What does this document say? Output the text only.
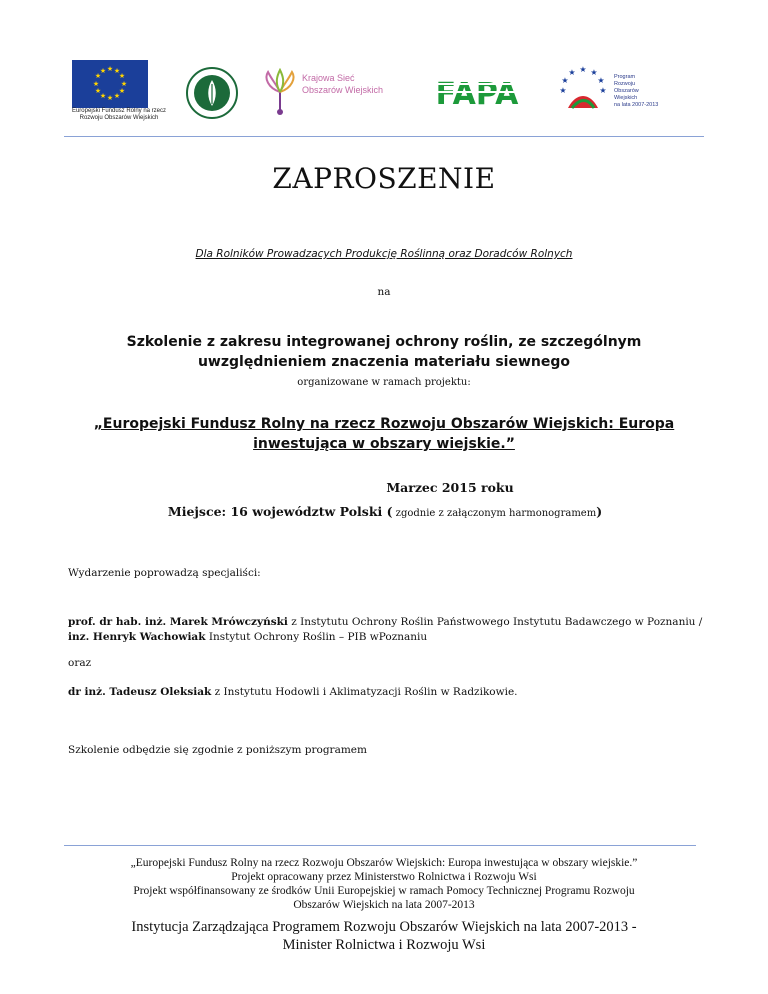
★ ★
★
★
★
★
★
★
★
★
★
★
Europejski Fundusz Rolny na rzecz
Rozwoju Obszarów Wiejskich
Krajowa Sieć
Obszarów Wiejskich FAPA
★ ★
★
★
★
★
★
Program
Rozwoju
Obszarów
Wiejskich
na lata 2007-2013
ZAPROSZENIE
Dla Rolników Prowadzacych Produkcję Roślinną oraz Doradców Rolnych
na
Szkolenie z zakresu integrowanej ochrony roślin, ze szczególnym uwzględnieniem znaczenia materiału siewnego
organizowane w ramach projektu:
„Europejski Fundusz Rolny na rzecz Rozwoju Obszarów Wiejskich: Europa inwestująca w obszary wiejskie.”
Marzec 2015 roku
Miejsce: 16 województw Polski ( zgodnie z załączonym harmonogramem)
Wydarzenie poprowadzą specjaliści:
prof. dr hab. inż. Marek Mrówczyński z Instytutu Ochrony Roślin Państwowego Instytutu Badawczego w Poznaniu / inz. Henryk Wachowiak Instytut Ochrony Roślin – PIB wPoznaniu
oraz
dr inż. Tadeusz Oleksiak z Instytutu Hodowli i Aklimatyzacji Roślin w Radzikowie.
Szkolenie odbędzie się zgodnie z poniższym programem
„Europejski Fundusz Rolny na rzecz Rozwoju Obszarów Wiejskich: Europa inwestująca w obszary wiejskie.”
Projekt opracowany przez Ministerstwo Rolnictwa i Rozwoju Wsi
Projekt współfinansowany ze środków Unii Europejskiej w ramach Pomocy Technicznej Programu Rozwoju
Obszarów Wiejskich na lata 2007-2013
Instytucja Zarządzająca Programem Rozwoju Obszarów Wiejskich na lata 2007-2013 -
Minister Rolnictwa i Rozwoju Wsi
